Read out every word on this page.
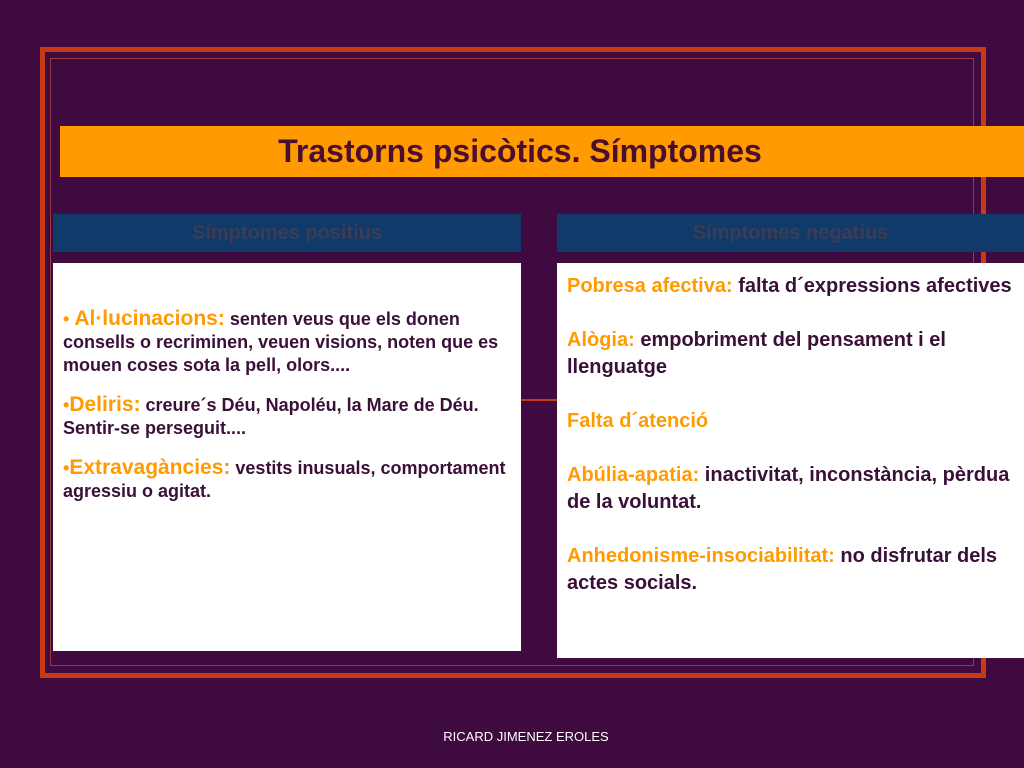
Trastorns psicòtics. Símptomes
Símptomes positius	Símptomes negatius

• Al·lucinacions: senten veus que els donen consells o recriminen, veuen visions, noten que es mouen coses sota la pell, olors....

•Deliris: creure´s Déu, Napoléu, la Mare de Déu. Sentir-se perseguit....

•Extravagàncies: vestits inusuals, comportament agressiu o agitat.

Pobresa afectiva: falta d´expressions afectives

Alògia: empobriment del pensament i el llenguatge

Falta d´atenció

Abúlia-apatia: inactivitat, inconstància, pèrdua de la voluntat.

Anhedonisme-insociabilitat: no disfrutar dels actes socials.

RICARD JIMENEZ EROLES
